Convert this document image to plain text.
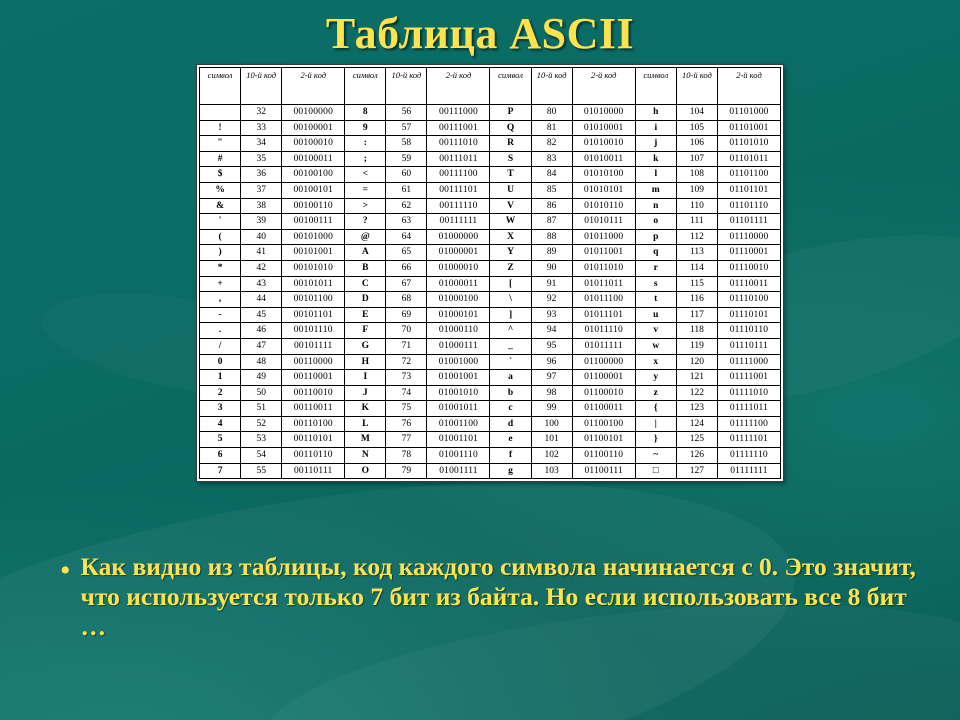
Таблица ASCII
символ	10-й код	2-й код	символ	10-й код	2-й код	символ	10-й код	2-й код	символ	10-й код	2-й код
	32	00100000	8	56	00111000	P	80	01010000	h	104	01101000
!	33	00100001	9	57	00111001	Q	81	01010001	i	105	01101001
"	34	00100010	:	58	00111010	R	82	01010010	j	106	01101010
#	35	00100011	;	59	00111011	S	83	01010011	k	107	01101011
$	36	00100100	<	60	00111100	T	84	01010100	l	108	01101100
%	37	00100101	=	61	00111101	U	85	01010101	m	109	01101101
&	38	00100110	>	62	00111110	V	86	01010110	n	110	01101110
'	39	00100111	?	63	00111111	W	87	01010111	o	111	01101111
(	40	00101000	@	64	01000000	X	88	01011000	p	112	01110000
)	41	00101001	A	65	01000001	Y	89	01011001	q	113	01110001
*	42	00101010	B	66	01000010	Z	90	01011010	r	114	01110010
+	43	00101011	C	67	01000011	[	91	01011011	s	115	01110011
,	44	00101100	D	68	01000100	\	92	01011100	t	116	01110100
-	45	00101101	E	69	01000101	]	93	01011101	u	117	01110101
.	46	00101110	F	70	01000110	^	94	01011110	v	118	01110110
/	47	00101111	G	71	01000111	_	95	01011111	w	119	01110111
0	48	00110000	H	72	01001000	`	96	01100000	x	120	01111000
1	49	00110001	I	73	01001001	a	97	01100001	y	121	01111001
2	50	00110010	J	74	01001010	b	98	01100010	z	122	01111010
3	51	00110011	K	75	01001011	c	99	01100011	{	123	01111011
4	52	00110100	L	76	01001100	d	100	01100100	|	124	01111100
5	53	00110101	M	77	01001101	e	101	01100101	}	125	01111101
6	54	00110110	N	78	01001110	f	102	01100110	~	126	01111110
7	55	00110111	O	79	01001111	g	103	01100111	□	127	01111111
• Как видно из таблицы, код каждого символа начинается с 0. Это значит, что используется только 7 бит из байта. Но если использовать все 8 бит …
